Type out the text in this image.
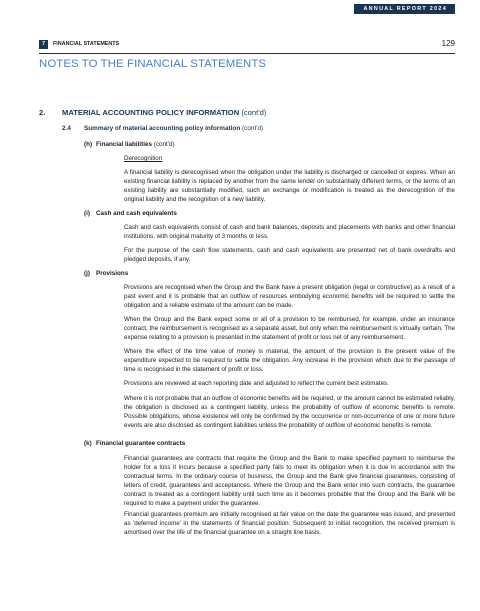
ANNUAL REPORT 2024
7	FINANCIAL STATEMENTS	129
NOTES TO THE FINANCIAL STATEMENTS
2. MATERIAL ACCOUNTING POLICY INFORMATION (cont'd)
2.4 Summary of material accounting policy information (cont'd)
(h) Financial liabilities (cont'd)
Derecognition

A financial liability is derecognised when the obligation under the liability is discharged or cancelled or expires. When an existing financial liability is replaced by another from the same lender on substantially different terms, or the terms of an existing liability are substantially modified, such an exchange or modification is treated as the derecognition of the original liability and the recognition of a new liability.

(i) Cash and cash equivalents

Cash and cash equivalents consist of cash and bank balances, deposits and placements with banks and other financial institutions, with original maturity of 3 months or less.

For the purpose of the cash flow statements, cash and cash equivalents are presented net of bank overdrafts and pledged deposits, if any.

(j) Provisions

Provisions are recognised when the Group and the Bank have a present obligation (legal or constructive) as a result of a past event and it is probable that an outflow of resources embodying economic benefits will be required to settle the obligation and a reliable estimate of the amount can be made.

When the Group and the Bank expect some or all of a provision to be reimbursed, for example, under an insurance contract, the reimbursement is recognised as a separate asset, but only when the reimbursement is virtually certain. The expense relating to a provision is presented in the statement of profit or loss net of any reimbursement.

Where the effect of the time value of money is material, the amount of the provision is the present value of the expenditure expected to be required to settle the obligation. Any increase in the provision which due to the passage of time is recognised in the statement of profit or loss.

Provisions are reviewed at each reporting date and adjusted to reflect the current best estimates.

Where it is not probable that an outflow of economic benefits will be required, or the amount cannot be estimated reliably, the obligation is disclosed as a contingent liability, unless the probability of outflow of economic benefits is remote. Possible obligations, whose existence will only be confirmed by the occurrence or non-occurrence of one or more future events are also disclosed as contingent liabilities unless the probability of outflow of economic benefits is remote.

(k) Financial guarantee contracts

Financial guarantees are contracts that require the Group and the Bank to make specified payment to reimburse the holder for a loss it incurs because a specified party fails to meet its obligation when it is due in accordance with the contractual terms. In the ordinary course of business, the Group and the Bank give financial guarantees, consisting of letters of credit, guarantees and acceptances. Where the Group and the Bank enter into such contracts, the guarantee contract is treated as a contingent liability until such time as it becomes probable that the Group and the Bank will be required to make a payment under the guarantee.

Financial guarantees premium are initially recognised at fair value on the date the guarantee was issued, and presented as 'deferred income' in the statements of financial position. Subsequent to initial recognition, the received premium is amortised over the life of the financial guarantee on a straight line basis.
